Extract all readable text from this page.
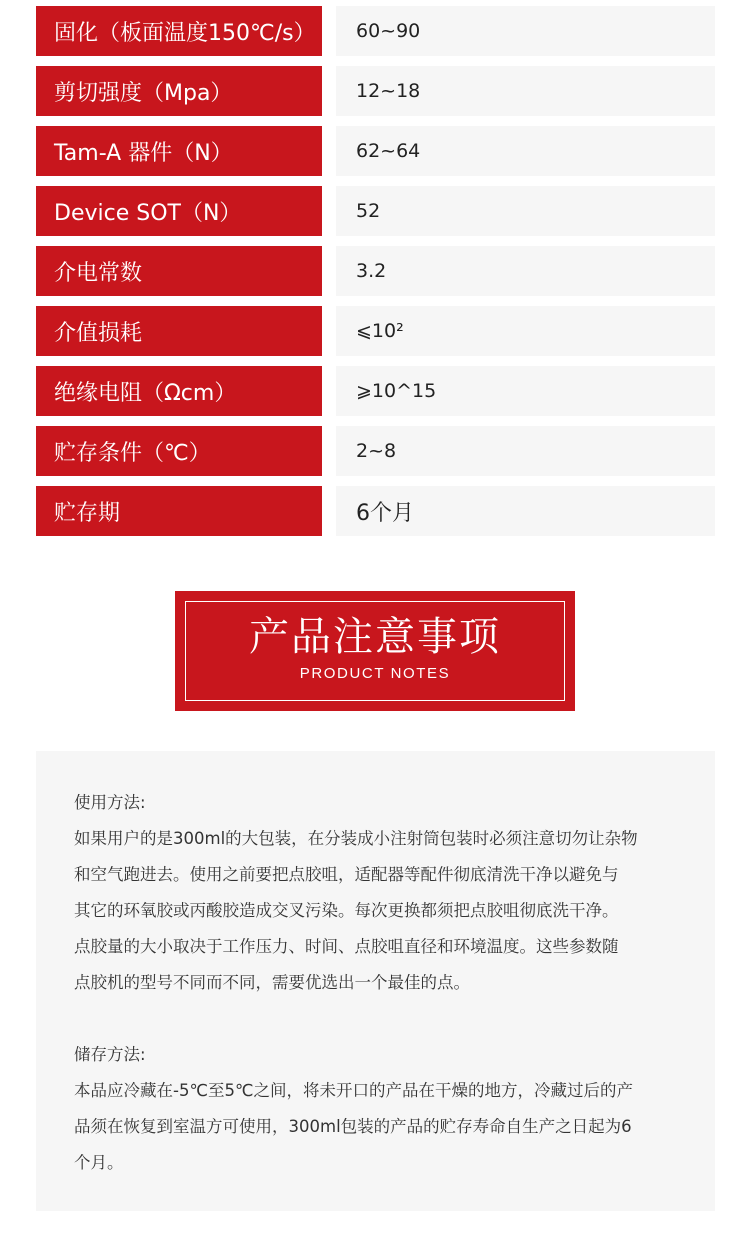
固化（板面温度150℃/s）	60~90
剪切强度（Mpa）	12~18
Tam-A 器件（N）	62~64
Device SOT（N）	52
介电常数	3.2
介值损耗	⩽10²
绝缘电阻（Ωcm）	⩾10^15
贮存条件（℃）	2~8
贮存期	6个月
产品注意事项
PRODUCT NOTES

使用方法:

如果用户的是300ml的大包装，在分装成小注射筒包装时必须注意切勿让杂物

和空气跑进去。使用之前要把点胶咀，适配器等配件彻底清洗干净以避免与

其它的环氧胶或丙酸胶造成交叉污染。每次更换都须把点胶咀彻底洗干净。

点胶量的大小取决于工作压力、时间、点胶咀直径和环境温度。这些参数随

点胶机的型号不同而不同，需要优选出一个最佳的点。

储存方法:

本品应冷藏在-5℃至5℃之间，将未开口的产品在干燥的地方，冷藏过后的产

品须在恢复到室温方可使用，300ml包装的产品的贮存寿命自生产之日起为6

个月。
